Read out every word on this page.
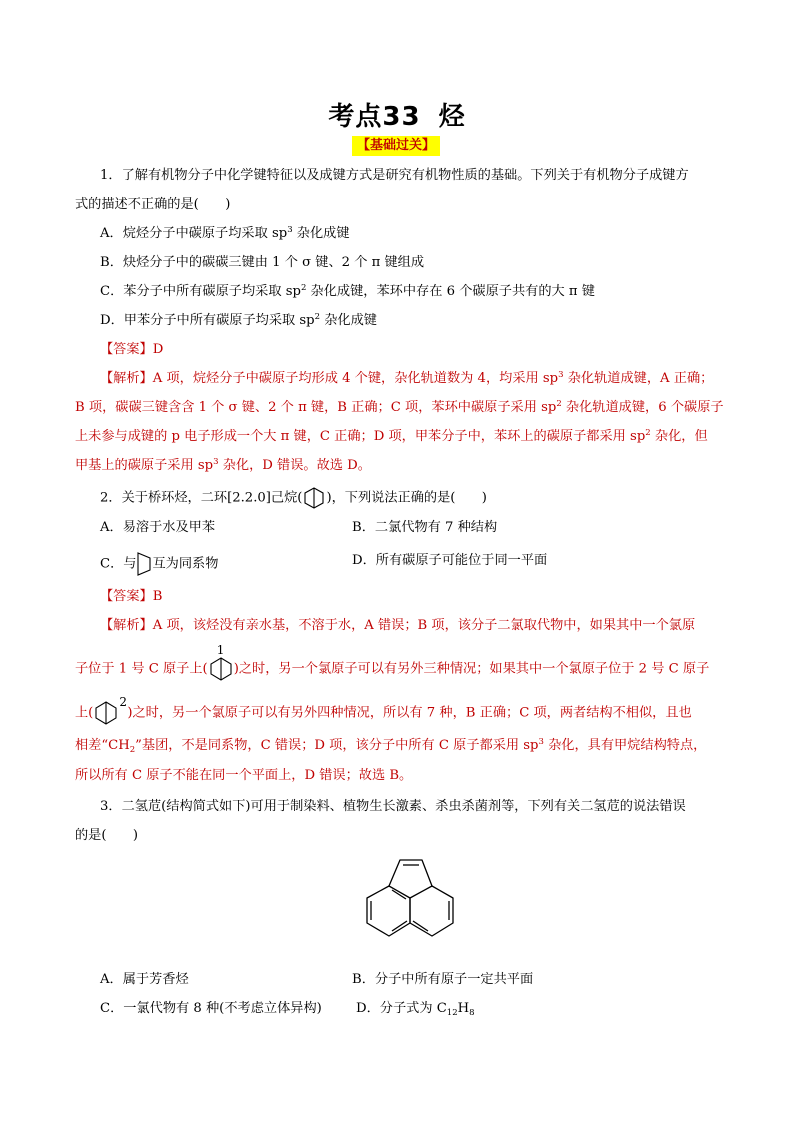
考点33 烃
【基础过关】
1．了解有机物分子中化学键特征以及成键方式是研究有机物性质的基础。下列关于有机物分子成键方
式的描述不正确的是(　　)
A．烷烃分子中碳原子均采取 $sp^3$ 杂化成键
B．炔烃分子中的碳碳三键由 1 个 σ 键、2 个 π 键组成
C．苯分子中所有碳原子均采取 $sp^2$ 杂化成键，苯环中存在 6 个碳原子共有的大 π 键
D．甲苯分子中所有碳原子均采取 $sp^2$ 杂化成键
【答案】D
【解析】A 项，烷烃分子中碳原子均形成 4 个键，杂化轨道数为 4，均采用 $sp^3$ 杂化轨道成键，A 正确；
B 项，碳碳三键含含 1 个 σ 键、2 个 π 键，B 正确；C 项，苯环中碳原子采用 $sp^2$ 杂化轨道成键，6 个碳原子
上未参与成键的 p 电子形成一个大 π 键，C 正确；D 项，甲苯分子中，苯环上的碳原子都采用 $sp^2$ 杂化，但
甲基上的碳原子采用 $sp^3$ 杂化，D 错误。故选 D。
2．关于桥环烃，二环[2.2.0]己烷( )，下列说法正确的是(　　)
A．易溶于水及甲苯	B．二氯代物有 7 种结构
C．与 互为同系物	D．所有碳原子可能位于同一平面
【答案】B
【解析】A 项，该烃没有亲水基，不溶于水，A 错误；B 项，该分子二氯取代物中，如果其中一个氯原
子位于 1 号 C 原子上(
1
)之时，另一个氯原子可以有另外三种情况；如果其中一个氯原子位于 2 号 C 原子
上(
2
)之时，另一个氯原子可以有另外四种情况，所以有 7 种，B 正确；C 项，两者结构不相似，且也
相差“$CH_2$”基团，不是同系物，C 错误；D 项，该分子中所有 C 原子都采用 $sp^3$ 杂化，具有甲烷结构特点，
所以所有 C 原子不能在同一个平面上，D 错误；故选 B。
3．二氢苊(结构简式如下)可用于制染料、植物生长激素、杀虫杀菌剂等，下列有关二氢苊的说法错误
的是(　　)
A．属于芳香烃	B．分子中所有原子一定共平面
C．一氯代物有 8 种(不考虑立体异构)	D．分子式为 $C_{12}H_8$
